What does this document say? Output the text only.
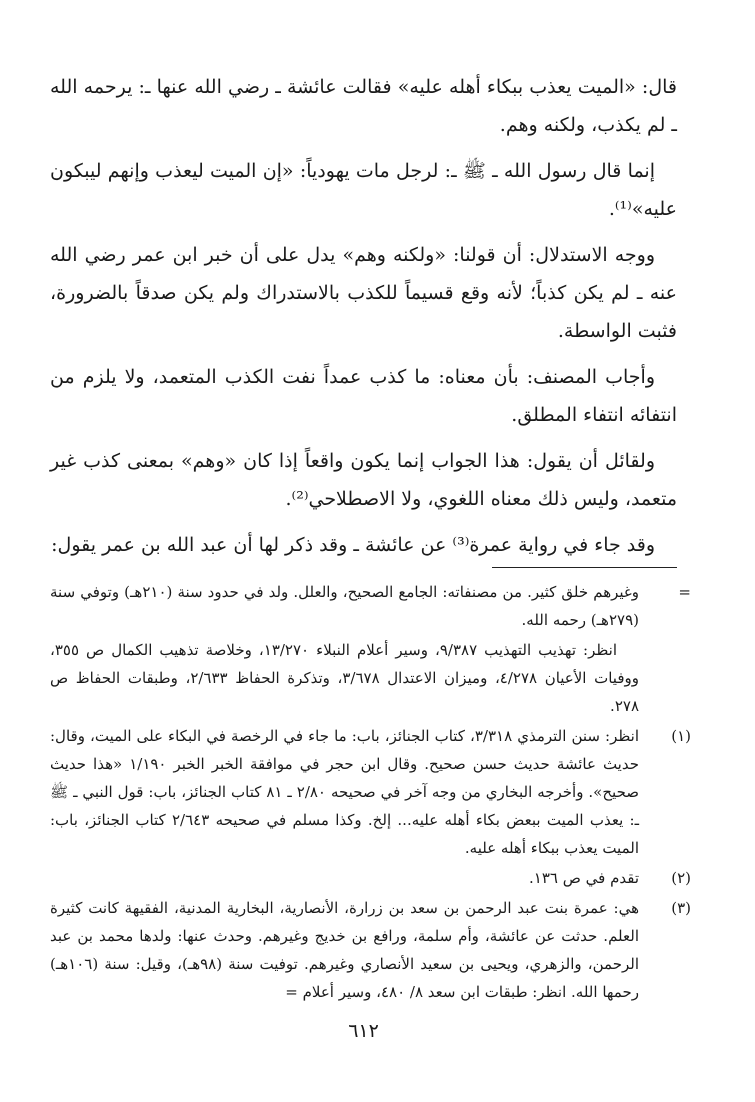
قال: «الميت يعذب ببكاء أهله عليه» فقالت عائشة ـ رضي الله عنها ـ: يرحمه الله ـ لم يكذب، ولكنه وهم.

إنما قال رسول الله ـ ﷺ ـ: لرجل مات يهودياً: «إن الميت ليعذب وإنهم ليبكون عليه»⁽¹⁾.

ووجه الاستدلال: أن قولنا: «ولكنه وهم» يدل على أن خبر ابن عمر رضي الله عنه ـ لم يكن كذباً؛ لأنه وقع قسيماً للكذب بالاستدراك ولم يكن صدقاً بالضرورة، فثبت الواسطة.

وأجاب المصنف: بأن معناه: ما كذب عمداً نفت الكذب المتعمد، ولا يلزم من انتفائه انتفاء المطلق.

ولقائل أن يقول: هذا الجواب إنما يكون واقعاً إذا كان «وهم» بمعنى كذب غير متعمد، وليس ذلك معناه اللغوي، ولا الاصطلاحي⁽²⁾.

وقد جاء في رواية عمرة⁽³⁾ عن عائشة ـ وقد ذكر لها أن عبد الله بن عمر يقول:

=
وغيرهم خلق كثير. من مصنفاته: الجامع الصحيح، والعلل. ولد في حدود سنة (٢١٠هـ) وتوفي سنة (٢٧٩هـ) رحمه الله.

انظر: تهذيب التهذيب ٩/٣٨٧، وسير أعلام النبلاء ١٣/٢٧٠، وخلاصة تذهيب الكمال ص ٣٥٥، ووفيات الأعيان ٤/٢٧٨، وميزان الاعتدال ٣/٦٧٨، وتذكرة الحفاظ ٢/٦٣٣، وطبقات الحفاظ ص ٢٧٨.

(١)
انظر: سنن الترمذي ٣/٣١٨، كتاب الجنائز، باب: ما جاء في الرخصة في البكاء على الميت، وقال: حديث عائشة حديث حسن صحيح. وقال ابن حجر في موافقة الخبر الخبر ١/١٩٠ «هذا حديث صحيح». وأخرجه البخاري من وجه آخر في صحيحه ٢/٨٠ ـ ٨١ كتاب الجنائز، باب: قول النبي ـ ﷺ ـ: يعذب الميت ببعض بكاء أهله عليه... إلخ. وكذا مسلم في صحيحه ٢/٦٤٣ كتاب الجنائز، باب: الميت يعذب ببكاء أهله عليه.

(٢)
تقدم في ص ١٣٦.

(٣)
هي: عمرة بنت عبد الرحمن بن سعد بن زرارة، الأنصارية، البخارية المدنية، الفقيهة كانت كثيرة العلم. حدثت عن عائشة، وأم سلمة، ورافع بن خديج وغيرهم. وحدث عنها: ولدها محمد بن عبد الرحمن، والزهري، ويحيى بن سعيد الأنصاري وغيرهم. توفيت سنة (٩٨هـ)، وقيل: سنة (١٠٦هـ) رحمها الله. انظر: طبقات ابن سعد ٨/ ٤٨٠، وسير أعلام =

٦١٢
